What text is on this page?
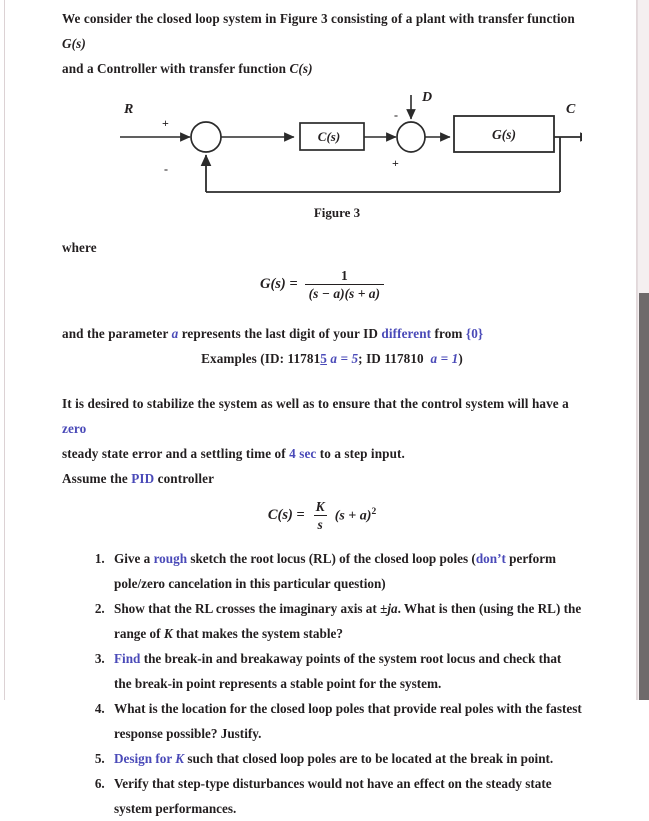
We consider the closed loop system in Figure 3 consisting of a plant with transfer function G(s)

and a Controller with transfer function C(s)

R
+
-
C(s)
-
+
D
G(s)
C

Figure 3

where

$G(s) = \frac{1}{(s - a)(s + a)}$

and the parameter a represents the last digit of your ID different from {0}

Examples (ID: 117815 a = 5; ID 117810 a = 1)

It is desired to stabilize the system as well as to ensure that the control system will have a zero

steady state error and a settling time of 4 sec to a step input.

Assume the PID controller

$C(s) = \frac{K}{s} (s + a)^2$
1. Give a rough sketch the root locus (RL) of the closed loop poles (don’t perform pole/zero cancelation in this particular question)
2. Show that the RL crosses the imaginary axis at ±ja. What is then (using the RL) the range of K that makes the system stable?
3. Find the break-in and breakaway points of the system root locus and check that the break-in point represents a stable point for the system.
4. What is the location for the closed loop poles that provide real poles with the fastest response possible? Justify.
5. Design for K such that closed loop poles are to be located at the break in point.
6. Verify that step-type disturbances would not have an effect on the steady state system performances.
